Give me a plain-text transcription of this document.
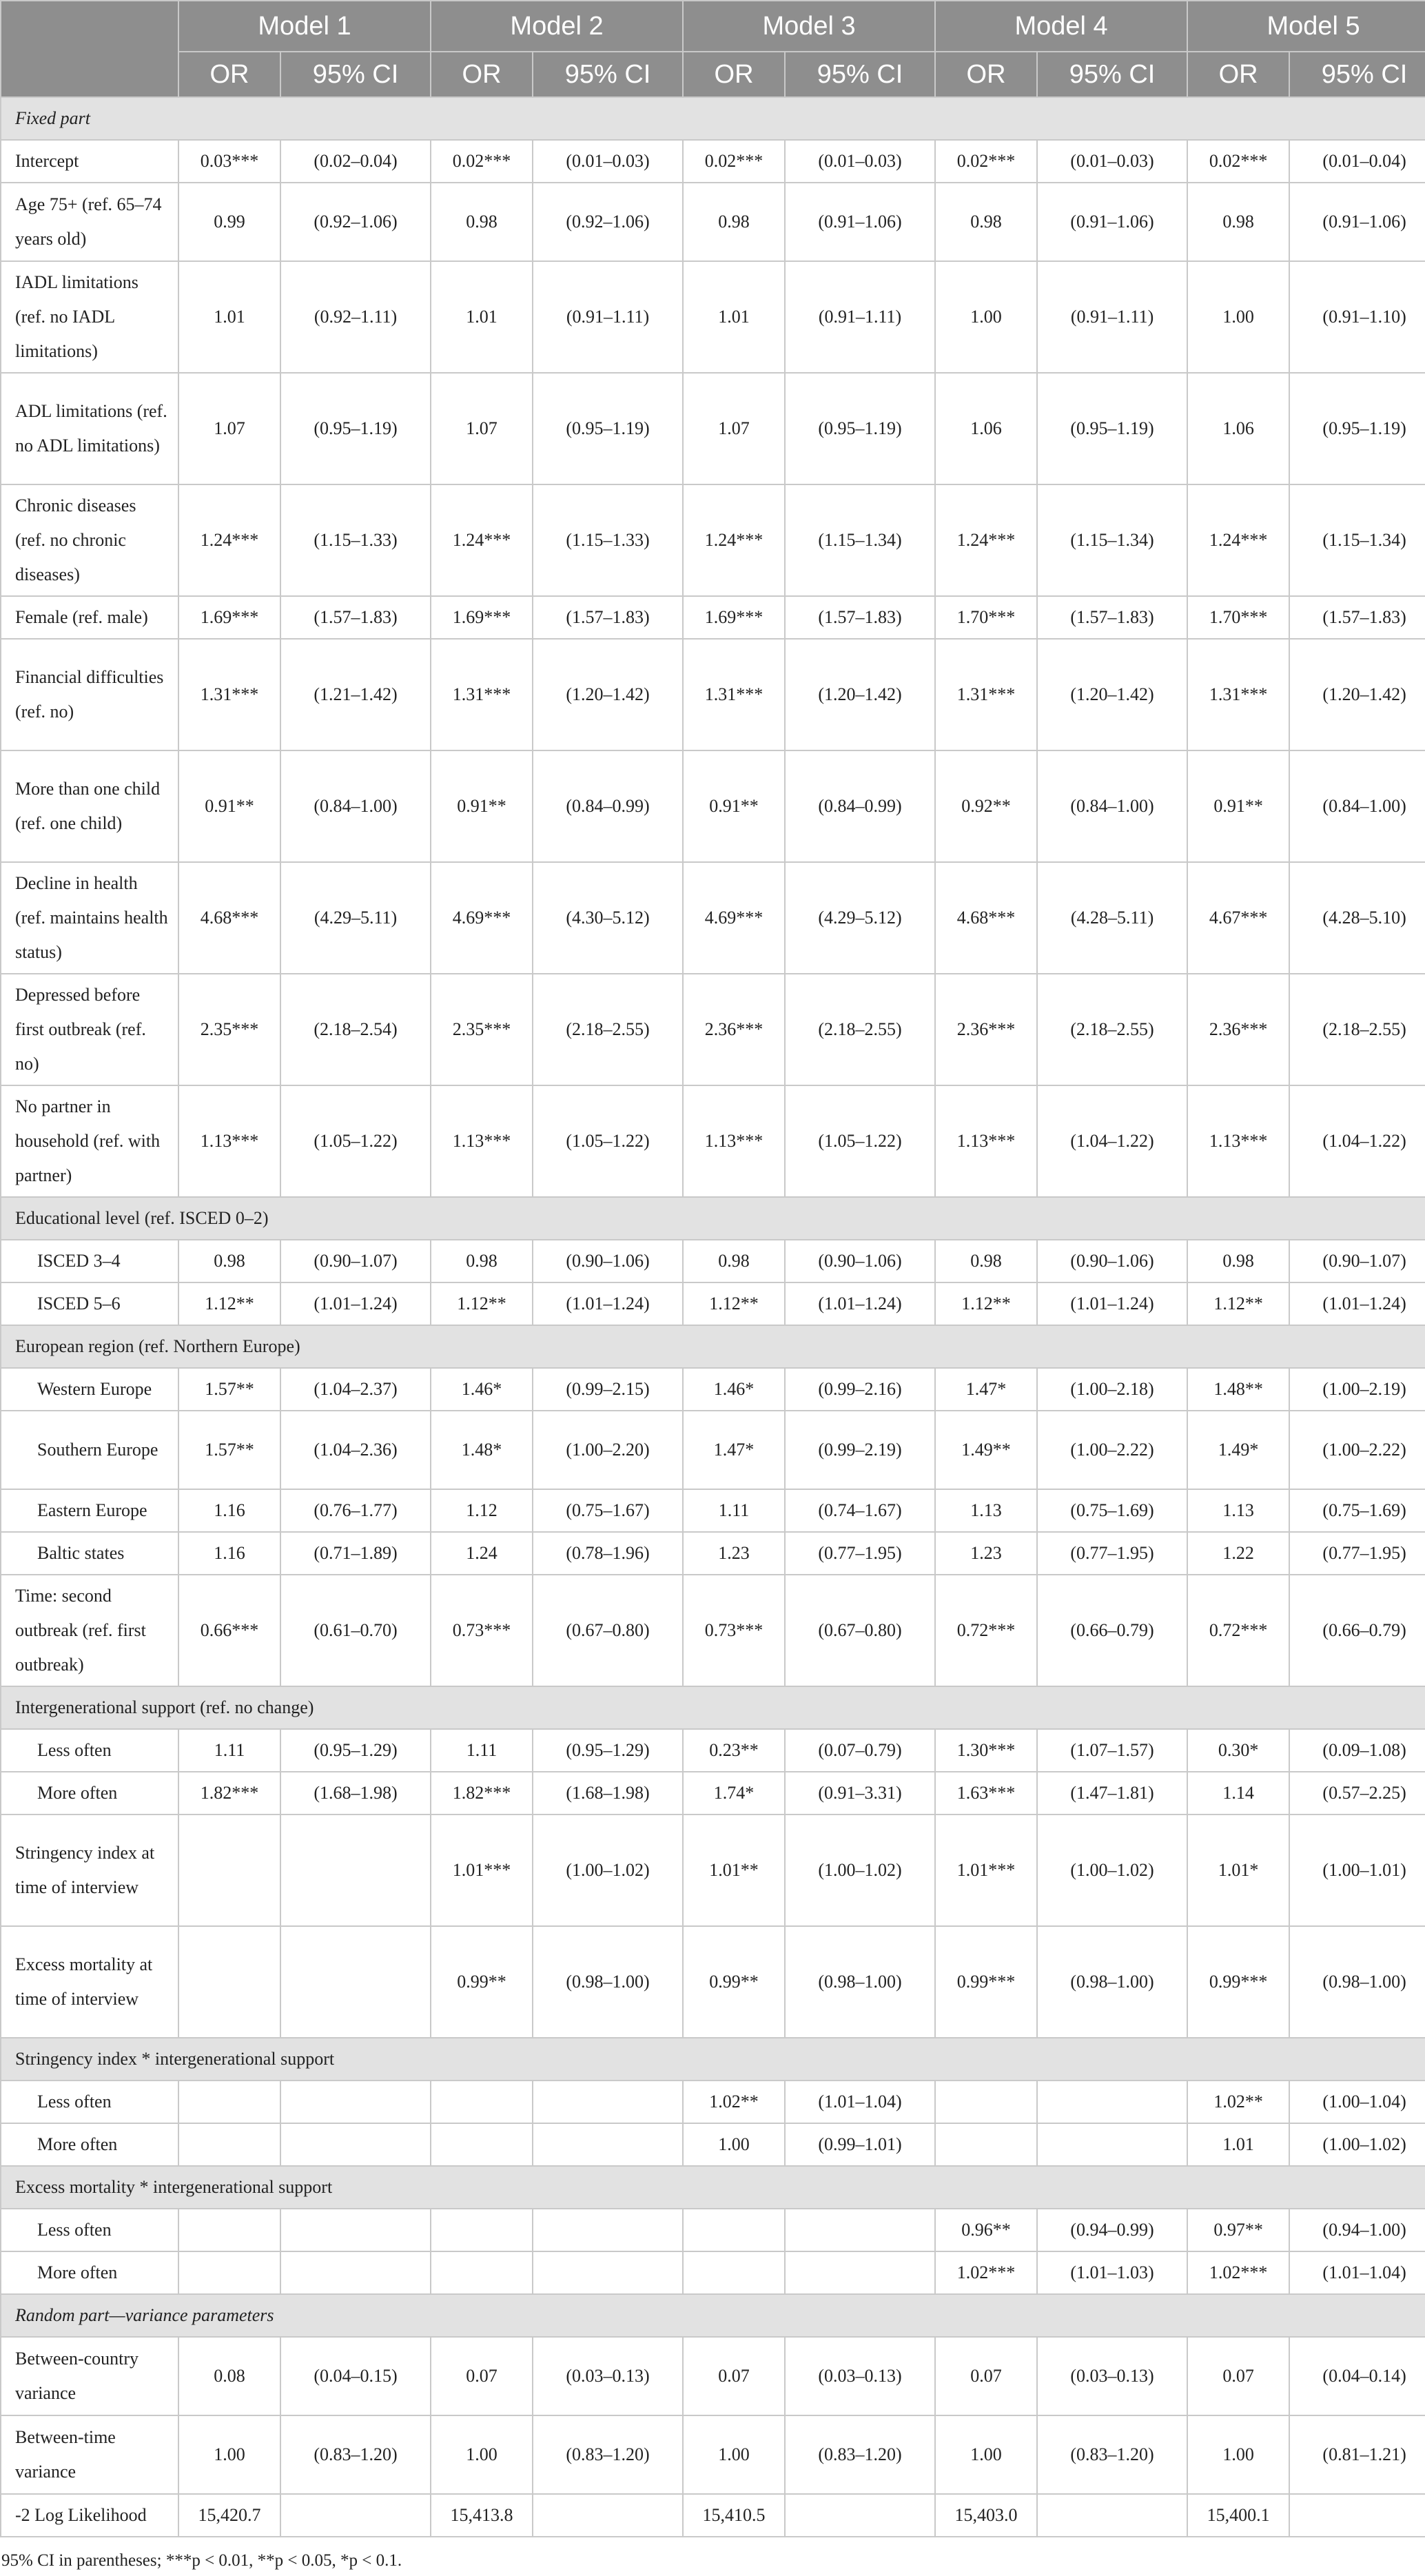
	Model 1		Model 2		Model 3		Model 4		Model 5	
	OR	95% CI	OR	95% CI	OR	95% CI	OR	95% CI	OR	95% CI
Fixed part										
Intercept	0.03***	(0.02–0.04)	0.02***	(0.01–0.03)	0.02***	(0.01–0.03)	0.02***	(0.01–0.03)	0.02***	(0.01–0.04)
Age 75+ (ref. 65–74 years old)	0.99	(0.92–1.06)	0.98	(0.92–1.06)	0.98	(0.91–1.06)	0.98	(0.91–1.06)	0.98	(0.91–1.06)
IADL limitations (ref. no IADL limitations)	1.01	(0.92–1.11)	1.01	(0.91–1.11)	1.01	(0.91–1.11)	1.00	(0.91–1.11)	1.00	(0.91–1.10)
ADL limitations (ref. no ADL limitations)	1.07	(0.95–1.19)	1.07	(0.95–1.19)	1.07	(0.95–1.19)	1.06	(0.95–1.19)	1.06	(0.95–1.19)
Chronic diseases (ref. no chronic diseases)	1.24***	(1.15–1.33)	1.24***	(1.15–1.33)	1.24***	(1.15–1.34)	1.24***	(1.15–1.34)	1.24***	(1.15–1.34)
Female (ref. male)	1.69***	(1.57–1.83)	1.69***	(1.57–1.83)	1.69***	(1.57–1.83)	1.70***	(1.57–1.83)	1.70***	(1.57–1.83)
Financial difficulties (ref. no)	1.31***	(1.21–1.42)	1.31***	(1.20–1.42)	1.31***	(1.20–1.42)	1.31***	(1.20–1.42)	1.31***	(1.20–1.42)
More than one child (ref. one child)	0.91**	(0.84–1.00)	0.91**	(0.84–0.99)	0.91**	(0.84–0.99)	0.92**	(0.84–1.00)	0.91**	(0.84–1.00)
Decline in health (ref. maintains health status)	4.68***	(4.29–5.11)	4.69***	(4.30–5.12)	4.69***	(4.29–5.12)	4.68***	(4.28–5.11)	4.67***	(4.28–5.10)
Depressed before first outbreak (ref. no)	2.35***	(2.18–2.54)	2.35***	(2.18–2.55)	2.36***	(2.18–2.55)	2.36***	(2.18–2.55)	2.36***	(2.18–2.55)
No partner in household (ref. with partner)	1.13***	(1.05–1.22)	1.13***	(1.05–1.22)	1.13***	(1.05–1.22)	1.13***	(1.04–1.22)	1.13***	(1.04–1.22)
Educational level (ref. ISCED 0–2)										
ISCED 3–4	0.98	(0.90–1.07)	0.98	(0.90–1.06)	0.98	(0.90–1.06)	0.98	(0.90–1.06)	0.98	(0.90–1.07)
ISCED 5–6	1.12**	(1.01–1.24)	1.12**	(1.01–1.24)	1.12**	(1.01–1.24)	1.12**	(1.01–1.24)	1.12**	(1.01–1.24)
European region (ref. Northern Europe)										
Western Europe	1.57**	(1.04–2.37)	1.46*	(0.99–2.15)	1.46*	(0.99–2.16)	1.47*	(1.00–2.18)	1.48**	(1.00–2.19)
Southern Europe	1.57**	(1.04–2.36)	1.48*	(1.00–2.20)	1.47*	(0.99–2.19)	1.49**	(1.00–2.22)	1.49*	(1.00–2.22)
Eastern Europe	1.16	(0.76–1.77)	1.12	(0.75–1.67)	1.11	(0.74–1.67)	1.13	(0.75–1.69)	1.13	(0.75–1.69)
Baltic states	1.16	(0.71–1.89)	1.24	(0.78–1.96)	1.23	(0.77–1.95)	1.23	(0.77–1.95)	1.22	(0.77–1.95)
Time: second outbreak (ref. first outbreak)	0.66***	(0.61–0.70)	0.73***	(0.67–0.80)	0.73***	(0.67–0.80)	0.72***	(0.66–0.79)	0.72***	(0.66–0.79)
Intergenerational support (ref. no change)										
Less often	1.11	(0.95–1.29)	1.11	(0.95–1.29)	0.23**	(0.07–0.79)	1.30***	(1.07–1.57)	0.30*	(0.09–1.08)
More often	1.82***	(1.68–1.98)	1.82***	(1.68–1.98)	1.74*	(0.91–3.31)	1.63***	(1.47–1.81)	1.14	(0.57–2.25)
Stringency index at time of interview			1.01***	(1.00–1.02)	1.01**	(1.00–1.02)	1.01***	(1.00–1.02)	1.01*	(1.00–1.01)
Excess mortality at time of interview			0.99**	(0.98–1.00)	0.99**	(0.98–1.00)	0.99***	(0.98–1.00)	0.99***	(0.98–1.00)
Stringency index * intergenerational support										
Less often					1.02**	(1.01–1.04)			1.02**	(1.00–1.04)
More often					1.00	(0.99–1.01)			1.01	(1.00–1.02)
Excess mortality * intergenerational support										
Less often							0.96**	(0.94–0.99)	0.97**	(0.94–1.00)
More often							1.02***	(1.01–1.03)	1.02***	(1.01–1.04)
Random part—variance parameters										
Between-country variance	0.08	(0.04–0.15)	0.07	(0.03–0.13)	0.07	(0.03–0.13)	0.07	(0.03–0.13)	0.07	(0.04–0.14)
Between-time variance	1.00	(0.83–1.20)	1.00	(0.83–1.20)	1.00	(0.83–1.20)	1.00	(0.83–1.20)	1.00	(0.81–1.21)
-2 Log Likelihood	15,420.7		15,413.8		15,410.5		15,403.0		15,400.1	
95% CI in parentheses; ***p < 0.01, **p < 0.05, *p < 0.1.
